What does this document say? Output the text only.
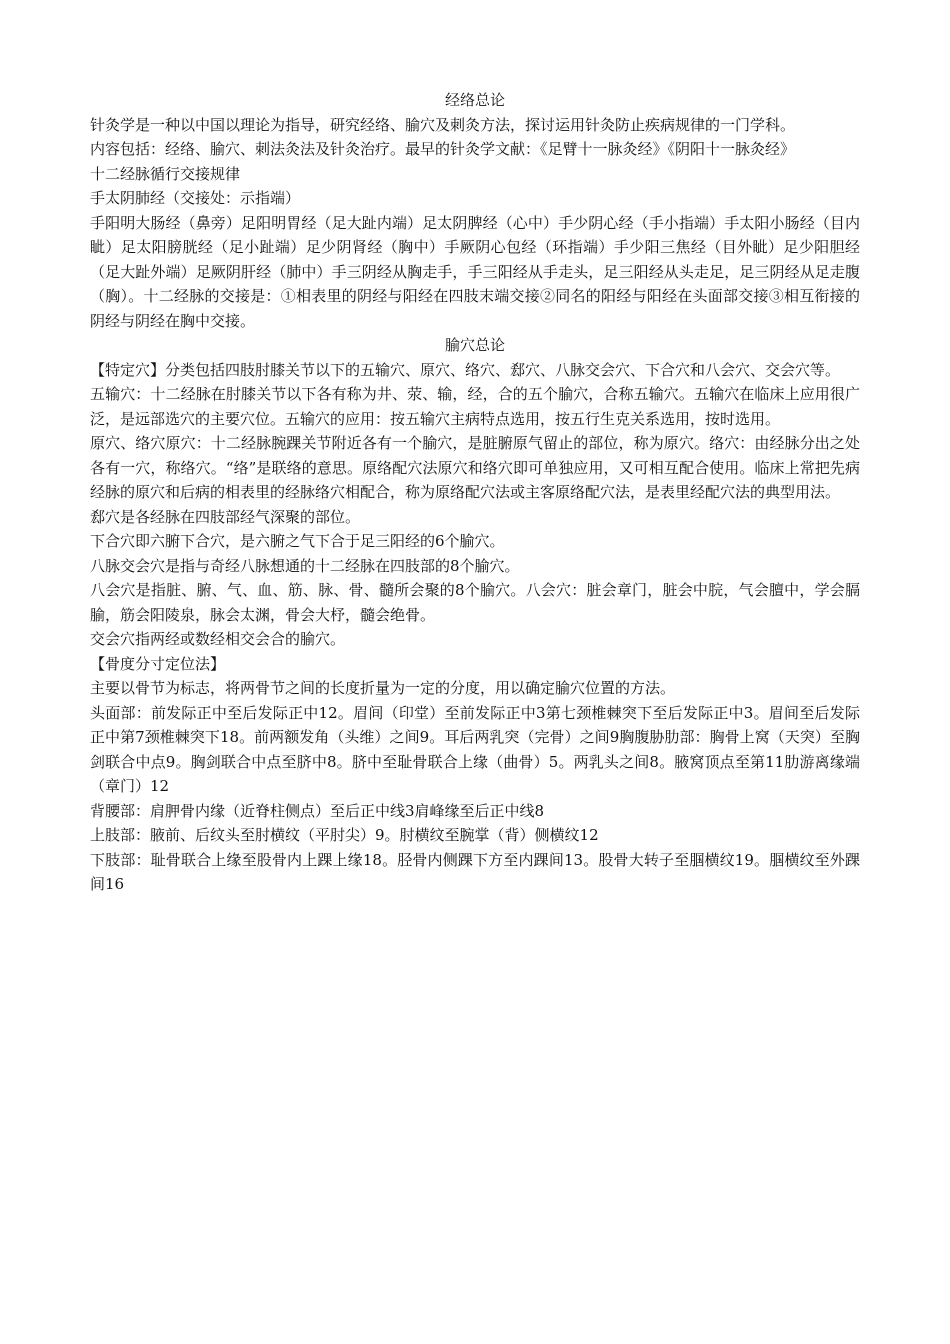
经络总论

针灸学是一种以中国以理论为指导，研究经络、腧穴及刺灸方法，探讨运用针灸防止疾病规律的一门学科。

内容包括：经络、腧穴、刺法灸法及针灸治疗。最早的针灸学文献：《足臂十一脉灸经》《阴阳十一脉灸经》

十二经脉循行交接规律

手太阴肺经（交接处：示指端）

手阳明大肠经（鼻旁）足阳明胃经（足大趾内端）足太阴脾经（心中）手少阴心经（手小指端）手太阳小肠经（目内眦）足太阳膀胱经（足小趾端）足少阴肾经（胸中）手厥阴心包经（环指端）手少阳三焦经（目外眦）足少阳胆经（足大趾外端）足厥阴肝经（肺中）手三阴经从胸走手，手三阳经从手走头，足三阳经从头走足，足三阴经从足走腹（胸）。十二经脉的交接是：①相表里的阴经与阳经在四肢末端交接②同名的阳经与阳经在头面部交接③相互衔接的阴经与阴经在胸中交接。

腧穴总论

【特定穴】分类包括四肢肘膝关节以下的五输穴、原穴、络穴、郄穴、八脉交会穴、下合穴和八会穴、交会穴等。

五输穴：十二经脉在肘膝关节以下各有称为井、荥、输，经，合的五个腧穴，合称五输穴。五输穴在临床上应用很广泛，是远部选穴的主要穴位。五输穴的应用：按五输穴主病特点选用，按五行生克关系选用，按时选用。

原穴、络穴原穴：十二经脉腕踝关节附近各有一个腧穴，是脏腑原气留止的部位，称为原穴。络穴：由经脉分出之处各有一穴，称络穴。“络”是联络的意思。原络配穴法原穴和络穴即可单独应用，又可相互配合使用。临床上常把先病经脉的原穴和后病的相表里的经脉络穴相配合，称为原络配穴法或主客原络配穴法，是表里经配穴法的典型用法。

郄穴是各经脉在四肢部经气深聚的部位。

下合穴即六腑下合穴，是六腑之气下合于足三阳经的6个腧穴。

八脉交会穴是指与奇经八脉想通的十二经脉在四肢部的8个腧穴。

八会穴是指脏、腑、气、血、筋、脉、骨、髓所会聚的8个腧穴。八会穴：脏会章门，脏会中脘，气会膻中，学会膈腧，筋会阳陵泉，脉会太渊，骨会大杼，髓会绝骨。

交会穴指两经或数经相交会合的腧穴。

【骨度分寸定位法】

主要以骨节为标志，将两骨节之间的长度折量为一定的分度，用以确定腧穴位置的方法。

头面部：前发际正中至后发际正中12。眉间（印堂）至前发际正中3第七颈椎棘突下至后发际正中3。眉间至后发际正中第7颈椎棘突下18。前两额发角（头维）之间9。耳后两乳突（完骨）之间9胸腹胁肋部：胸骨上窝（天突）至胸剑联合中点9。胸剑联合中点至脐中8。脐中至耻骨联合上缘（曲骨）5。两乳头之间8。腋窝顶点至第11肋游离缘端（章门）12

背腰部：肩胛骨内缘（近脊柱侧点）至后正中线3肩峰缘至后正中线8

上肢部：腋前、后纹头至肘横纹（平肘尖）9。肘横纹至腕掌（背）侧横纹12

下肢部：耻骨联合上缘至股骨内上踝上缘18。胫骨内侧踝下方至内踝间13。股骨大转子至腘横纹19。腘横纹至外踝间16
